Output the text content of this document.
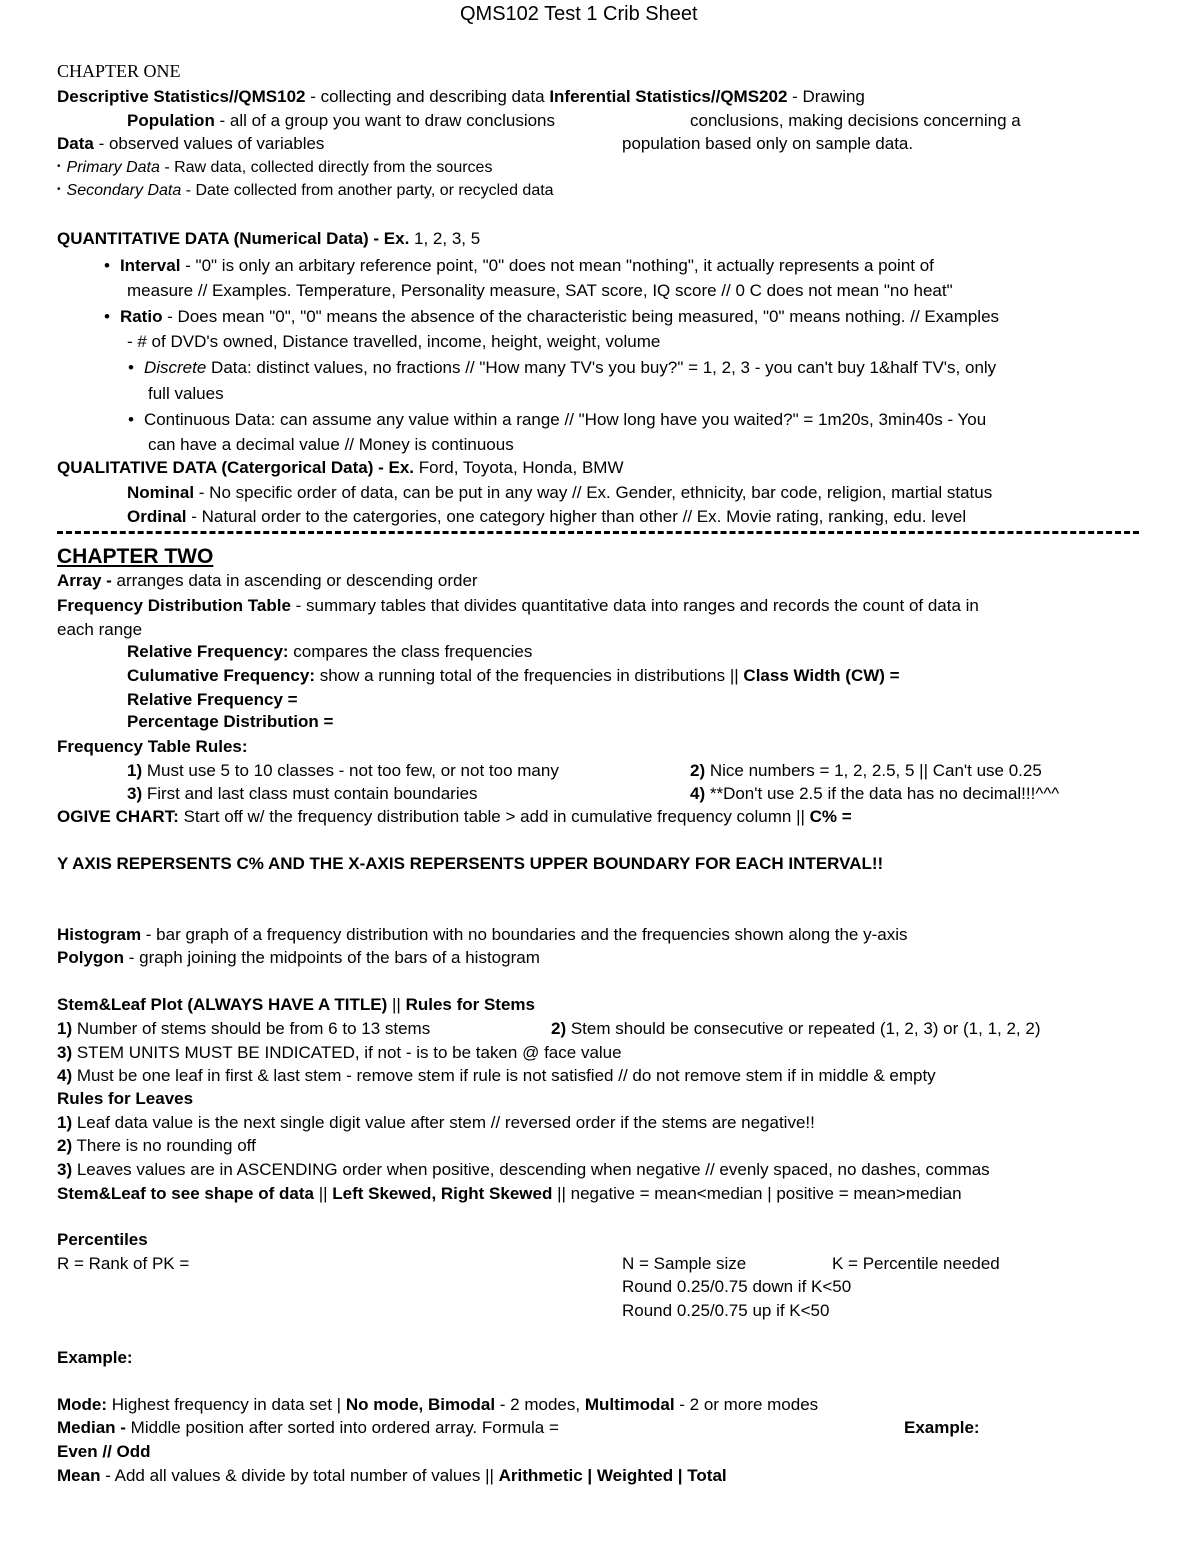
QMS102 Test 1 Crib Sheet
CHAPTER ONE
Descriptive Statistics//QMS102 - collecting and describing data Inferential Statistics//QMS202 - Drawing
Population - all of a group you want to draw conclusions	conclusions, making decisions concerning a
Data - observed values of variables	population based only on sample data.
• Primary Data - Raw data, collected directly from the sources
• Secondary Data - Date collected from another party, or recycled data
QUANTITATIVE DATA (Numerical Data) - Ex. 1, 2, 3, 5
• Interval - "0" is only an arbitary reference point, "0" does not mean "nothing", it actually represents a point of
measure // Examples. Temperature, Personality measure, SAT score, IQ score // 0 C does not mean "no heat"
• Ratio - Does mean "0", "0" means the absence of the characteristic being measured, "0" means nothing. // Examples
- # of DVD's owned, Distance travelled, income, height, weight, volume
• Discrete Data: distinct values, no fractions // "How many TV's you buy?" = 1, 2, 3 - you can't buy 1&half TV's, only
full values
• Continuous Data: can assume any value within a range // "How long have you waited?" = 1m20s, 3min40s - You
can have a decimal value // Money is continuous
QUALITATIVE DATA (Catergorical Data) - Ex. Ford, Toyota, Honda, BMW
Nominal - No specific order of data, can be put in any way // Ex. Gender, ethnicity, bar code, religion, martial status
Ordinal - Natural order to the catergories, one category higher than other // Ex. Movie rating, ranking, edu. level
CHAPTER TWO
Array - arranges data in ascending or descending order
Frequency Distribution Table - summary tables that divides quantitative data into ranges and records the count of data in
each range
Relative Frequency: compares the class frequencies
Culumative Frequency: show a running total of the frequencies in distributions || Class Width (CW) =
Relative Frequency =
Percentage Distribution =
Frequency Table Rules:
1) Must use 5 to 10 classes - not too few, or not too many	2) Nice numbers = 1, 2, 2.5, 5 || Can't use 0.25
3) First and last class must contain boundaries	4) **Don't use 2.5 if the data has no decimal!!!^^^
OGIVE CHART: Start off w/ the frequency distribution table > add in cumulative frequency column || C% =
Y AXIS REPERSENTS C% AND THE X-AXIS REPERSENTS UPPER BOUNDARY FOR EACH INTERVAL!!
Histogram - bar graph of a frequency distribution with no boundaries and the frequencies shown along the y-axis
Polygon - graph joining the midpoints of the bars of a histogram
Stem&Leaf Plot (ALWAYS HAVE A TITLE) || Rules for Stems
1) Number of stems should be from 6 to 13 stems	2) Stem should be consecutive or repeated (1, 2, 3) or (1, 1, 2, 2)
3) STEM UNITS MUST BE INDICATED, if not - is to be taken @ face value
4) Must be one leaf in first & last stem - remove stem if rule is not satisfied // do not remove stem if in middle & empty
Rules for Leaves
1) Leaf data value is the next single digit value after stem // reversed order if the stems are negative!!
2) There is no rounding off
3) Leaves values are in ASCENDING order when positive, descending when negative // evenly spaced, no dashes, commas
Stem&Leaf to see shape of data || Left Skewed, Right Skewed || negative = mean<median | positive = mean>median
Percentiles
R = Rank of PK =	N = Sample size	K = Percentile needed
Round 0.25/0.75 down if K<50
Round 0.25/0.75 up if K<50
Example:
Mode: Highest frequency in data set | No mode, Bimodal - 2 modes, Multimodal - 2 or more modes
Median - Middle position after sorted into ordered array. Formula =	Example:
Even // Odd
Mean - Add all values & divide by total number of values || Arithmetic | Weighted | Total
